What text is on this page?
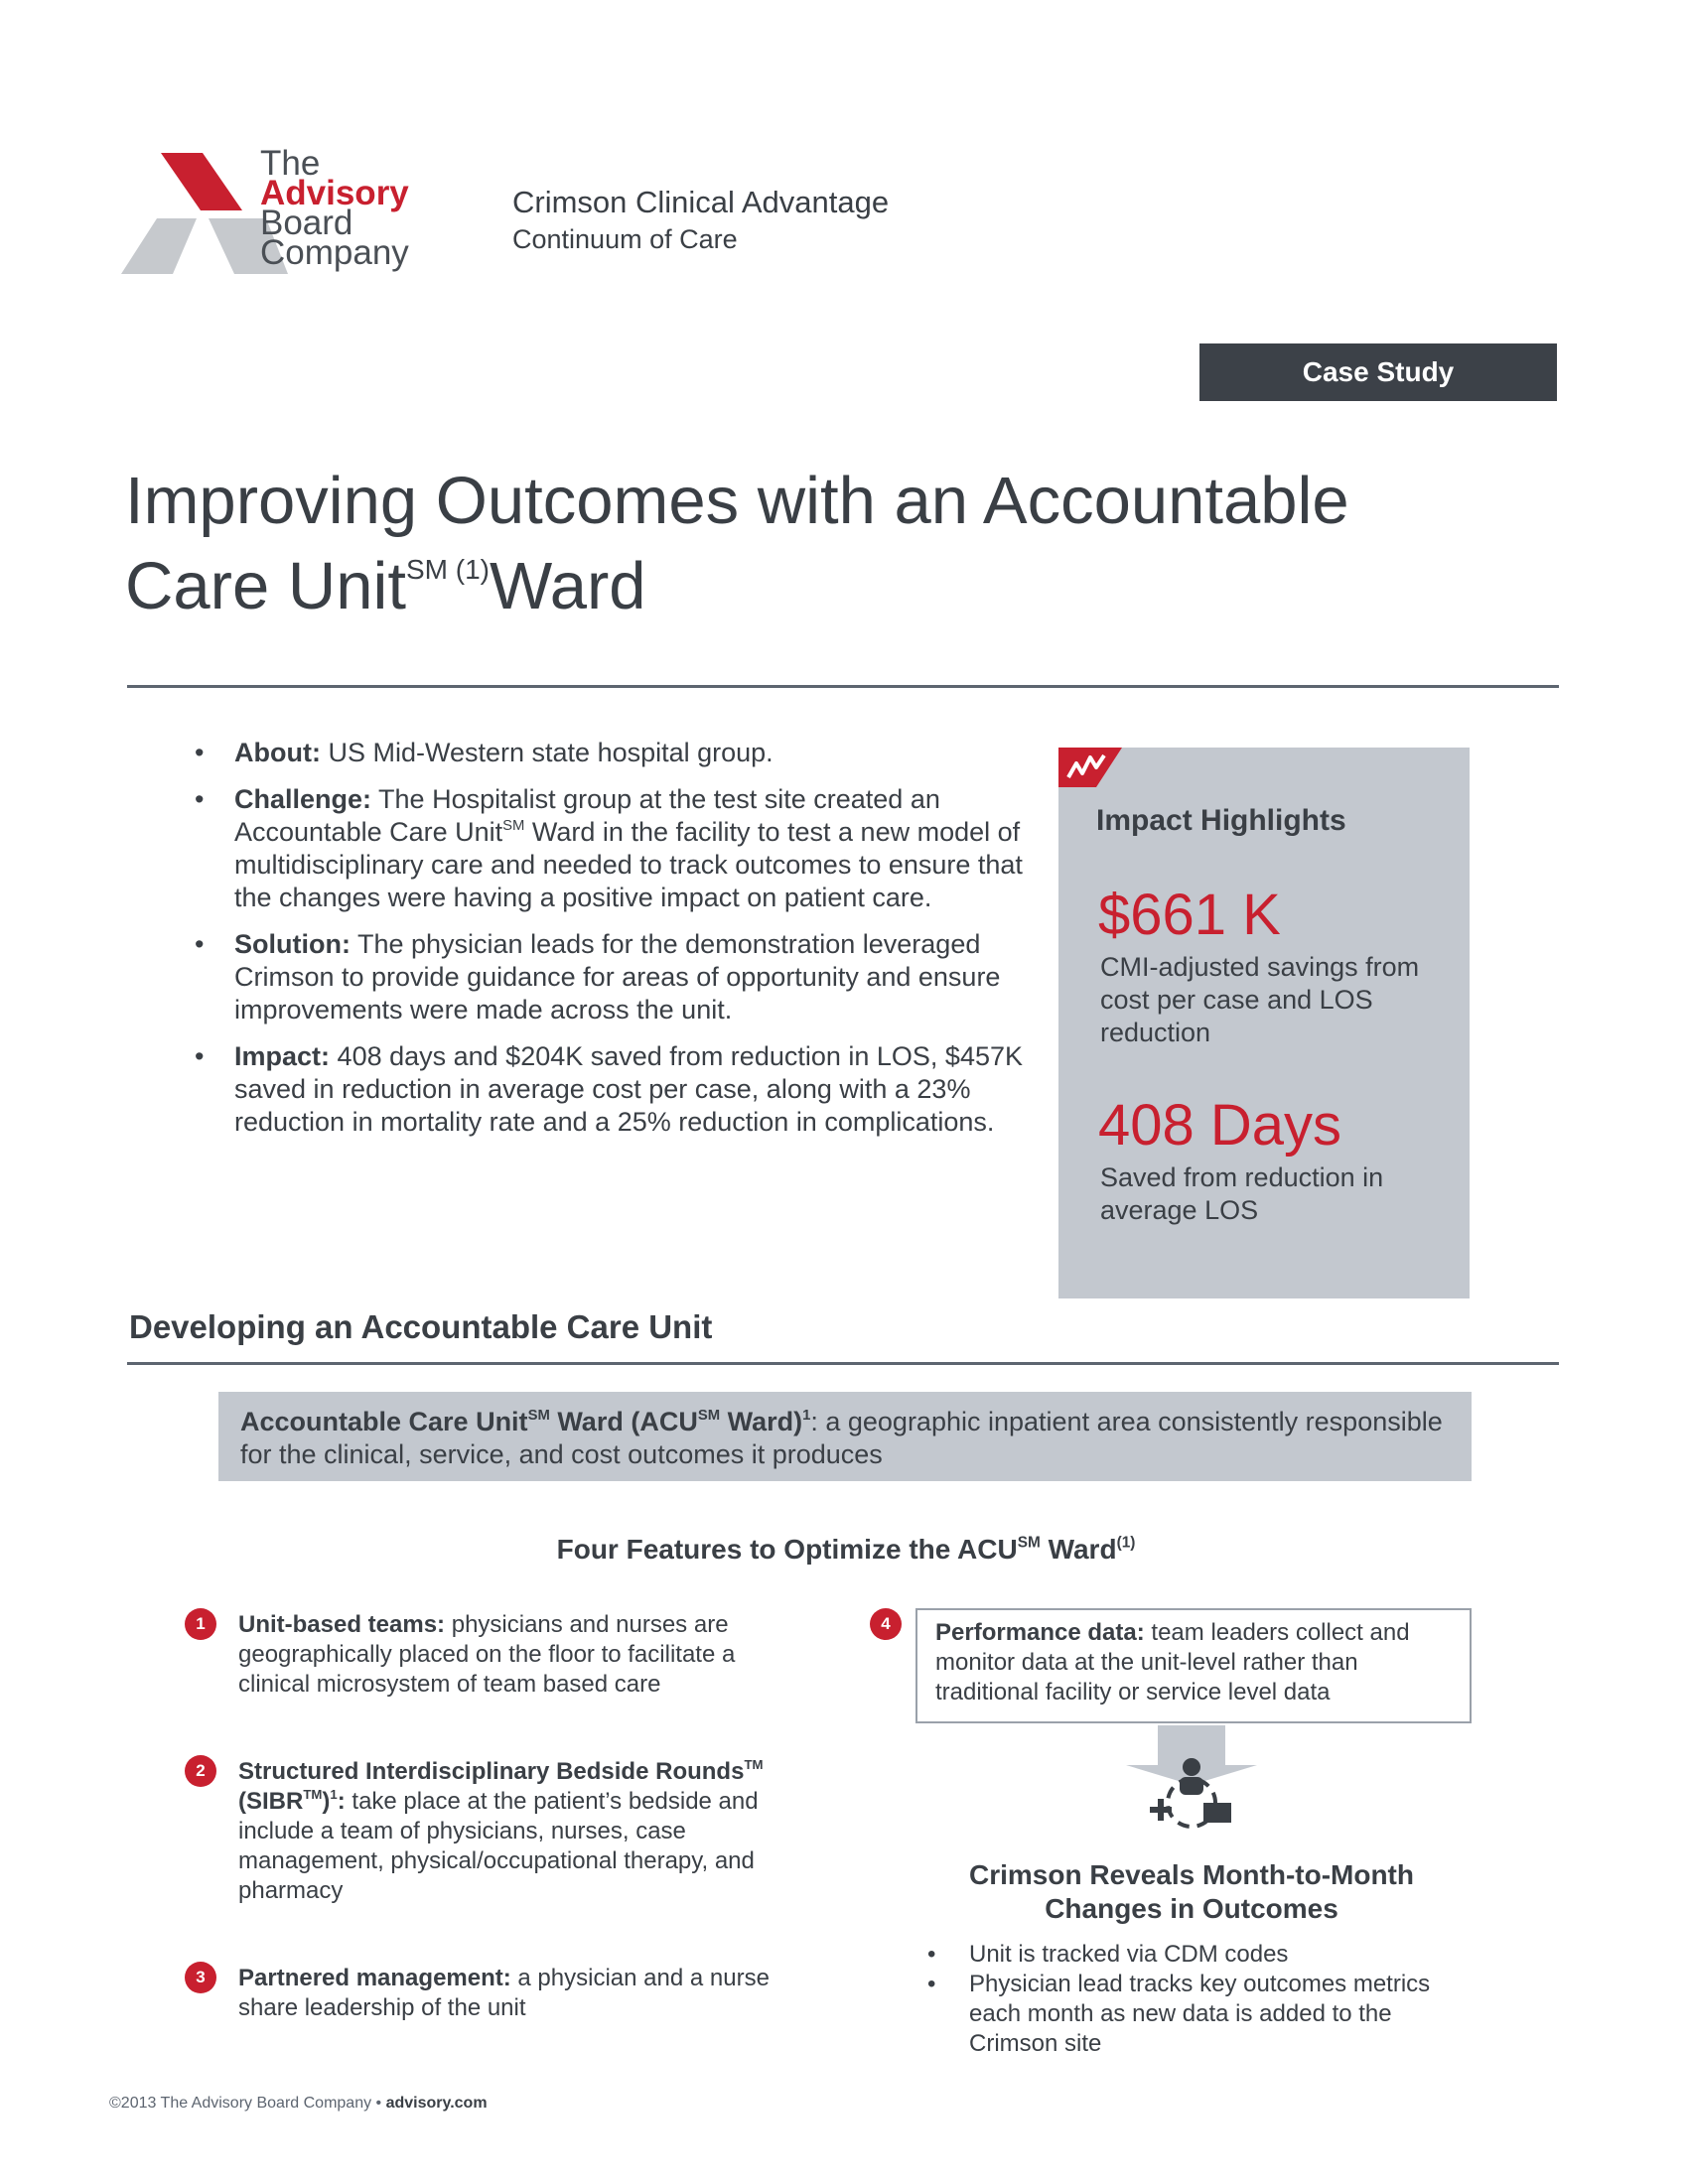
The
Advisory
Board
Company
Crimson Clinical Advantage
Continuum of Care
Case Study
Improving Outcomes with an Accountable
Care Unit$^{SM (1)}$Ward
• About: US Mid-Western state hospital group.
• Challenge: The Hospitalist group at the test site created an Accountable Care Unit℠ Ward in the facility to test a new model of multidisciplinary care and needed to track outcomes to ensure that the changes were having a positive impact on patient care.
• Solution: The physician leads for the demonstration leveraged Crimson to provide guidance for areas of opportunity and ensure improvements were made across the unit.
• Impact: 408 days and $204K saved from reduction in LOS, $457K saved in reduction in average cost per case, along with a 23% reduction in mortality rate and a 25% reduction in complications.
Impact Highlights
$661 K
CMI-adjusted savings from cost per case and LOS reduction
408 Days
Saved from reduction in average LOS
Developing an Accountable Care Unit
Accountable Care Unit℠ Ward (ACU℠ Ward)$^1$: a geographic inpatient area consistently responsible for the clinical, service, and cost outcomes it produces
Four Features to Optimize the ACU℠ Ward$^{(1)}$
1	Unit-based teams: physicians and nurses are geographically placed on the floor to facilitate a clinical microsystem of team based care
2	Structured Interdisciplinary Bedside Rounds™ (SIBR™)$^1$: take place at the patient’s bedside and include a team of physicians, nurses, case management, physical/occupational therapy, and pharmacy
3	Partnered management: a physician and a nurse share leadership of the unit
4	Performance data: team leaders collect and monitor data at the unit-level rather than traditional facility or service level data
Crimson Reveals Month-to-Month
Changes in Outcomes
• Unit is tracked via CDM codes
• Physician lead tracks key outcomes metrics each month as new data is added to the Crimson site
©2013 The Advisory Board Company • advisory.com
